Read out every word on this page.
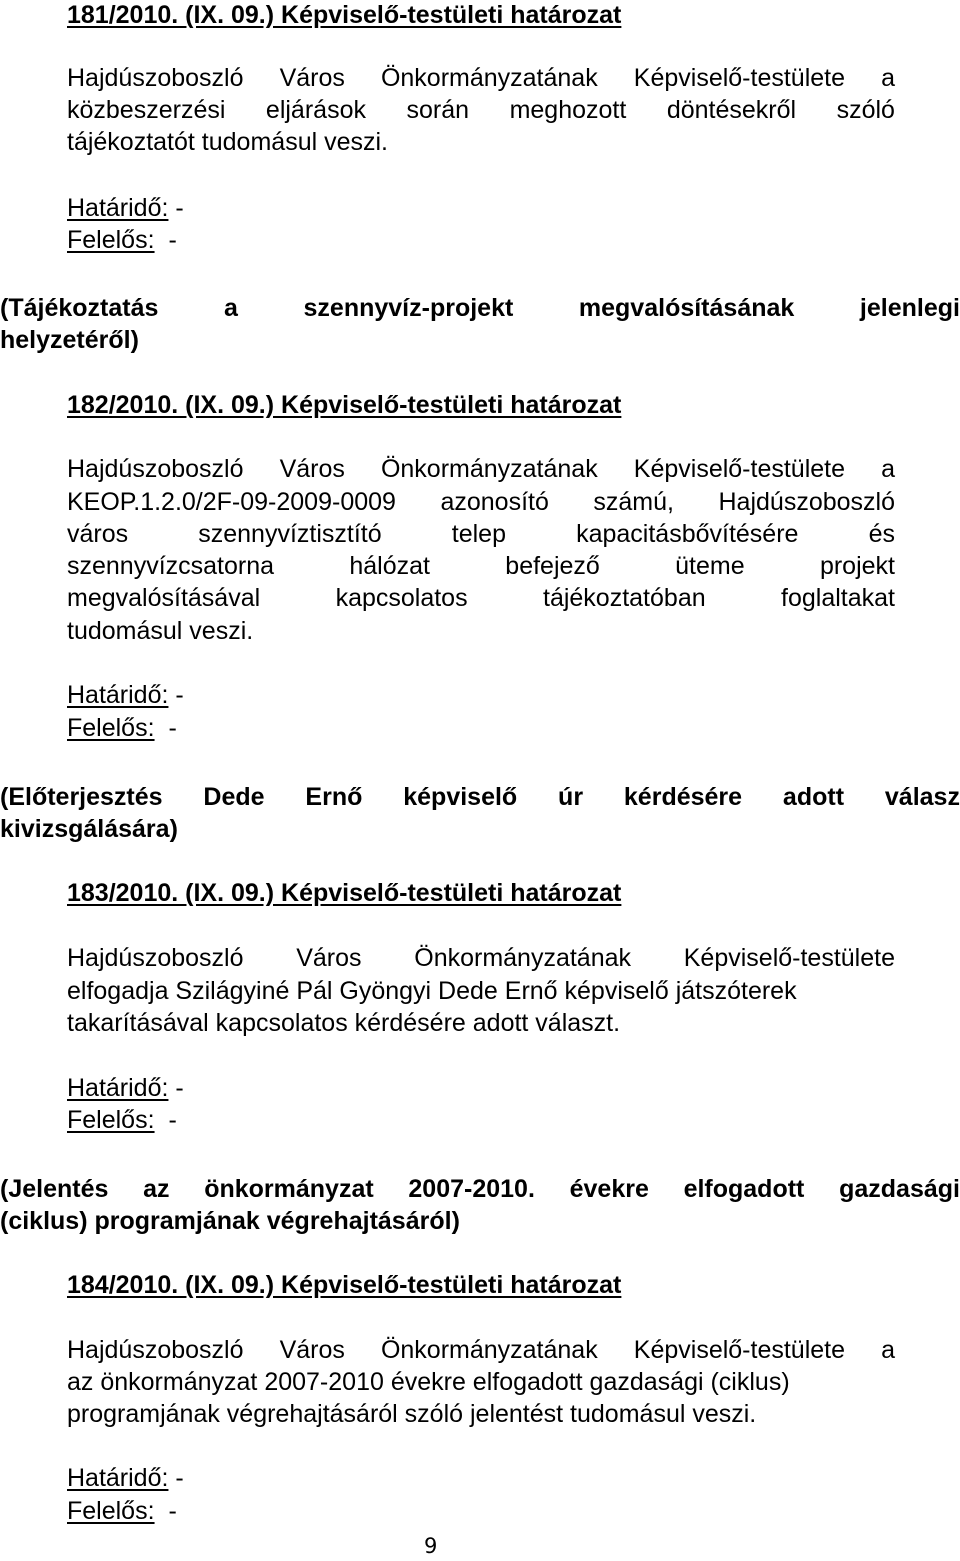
181/2010. (IX. 09.) Képviselő-testületi határozat
Hajdúszoboszló Város Önkormányzatának Képviselő-testülete a
közbeszerzési eljárások során meghozott döntésekről szóló
tájékoztatót tudomásul veszi.
Határidő: -
Felelős: -
(Tájékoztatás	a	szennyvíz-projekt	megvalósításának	jelenlegi
helyzetéről)
182/2010. (IX. 09.) Képviselő-testületi határozat
Hajdúszoboszló Város Önkormányzatának Képviselő-testülete a
KEOP.1.2.0/2F-09-2009-0009 azonosító számú, Hajdúszoboszló
város	szennyvíztisztító	telep	kapacitásbővítésére	és
szennyvízcsatorna	hálózat	befejező	üteme	projekt
megvalósításával	kapcsolatos	tájékoztatóban	foglaltakat
tudomásul veszi.
Határidő: -
Felelős: -
(Előterjesztés Dede Ernő képviselő úr kérdésére adott válasz
kivizsgálására)
183/2010. (IX. 09.) Képviselő-testületi határozat
Hajdúszoboszló Város Önkormányzatának Képviselő-testülete
elfogadja Szilágyiné Pál Gyöngyi Dede Ernő képviselő játszóterek
takarításával kapcsolatos kérdésére adott választ.
Határidő: -
Felelős: -
(Jelentés az önkormányzat 2007-2010. évekre elfogadott gazdasági
(ciklus) programjának végrehajtásáról)
184/2010. (IX. 09.) Képviselő-testületi határozat
Hajdúszoboszló Város Önkormányzatának Képviselő-testülete a
az önkormányzat 2007-2010 évekre elfogadott gazdasági (ciklus)
programjának végrehajtásáról szóló jelentést tudomásul veszi.
Határidő: -
Felelős: -
9
